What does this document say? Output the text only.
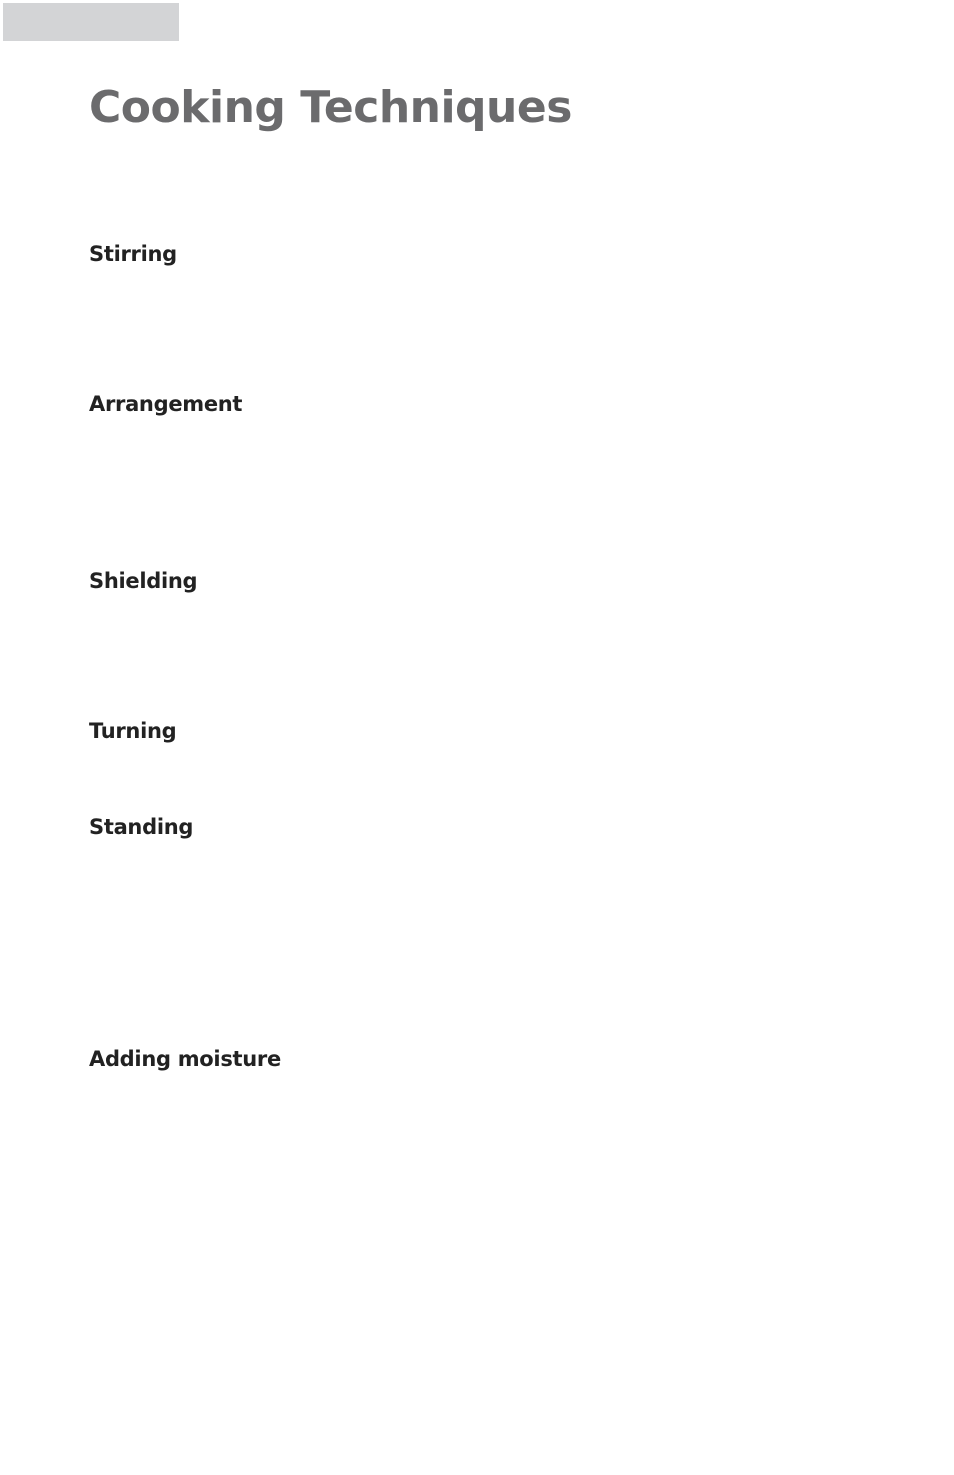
Cooking Techniques
Stirring
Arrangement
Shielding
Turning
Standing
Adding moisture
